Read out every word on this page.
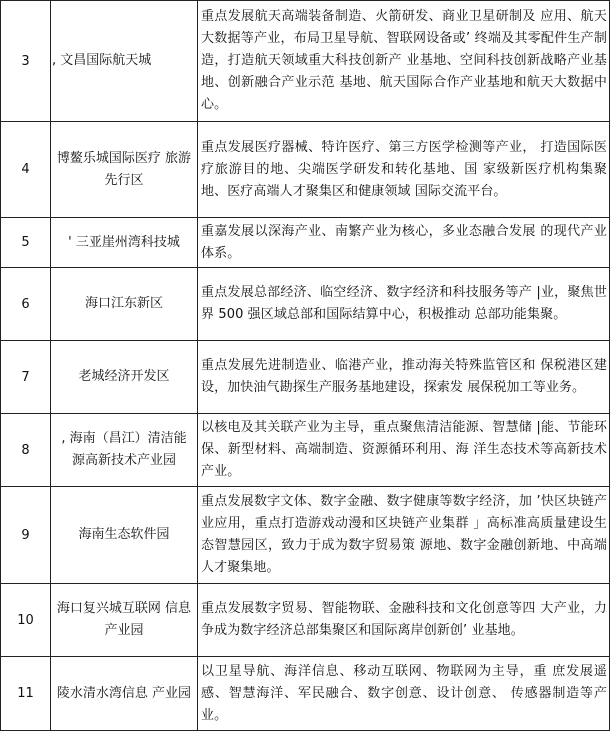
3	, 文昌国际航天城	重点发展航天高端装备制造、火箭研发、商业卫星研制及 应用、航天大数据等产业，布局卫星导航、智联网设备或’ 终端及其零配件生产制造，打造航天领域重大科技创新产 业基地、空间科技创新战略产业基地、创新融合产业示范 基地、航天国际合作产业基地和航天大数据中心。
4	博鳌乐城国际医疗 旅游先行区	重点发展医疗器械、特许医疗、第三方医学检测等产业， 打造国际医疗旅游目的地、尖端医学研发和转化基地、国 家级新医疗机构集聚地、医疗高端人才聚集区和健康领域 国际交流平台。
5	' 三亚崖州湾科技城	重嘉发展以深海产业、南繁产业为核心，多业态融合发展 的现代产业体系。
6	海口江东新区	重点发展总部经济、临空经济、数字经济和科技服务等产 |业，聚焦世界 500 强区域总部和国际结算中心，积极推动 总部功能集聚。
7	老城经济开发区	重点发展先进制造业、临港产业，推动海关特殊监管区和 保税港区建设，加快油气勘探生产服务基地建设，探索发 展保税加工等业务。
8	, 海南（昌江）清洁能源高新技术产业园	以核电及其关联产业为主导，重点聚焦清洁能源、智慧储 |能、节能环保、新型材料、高端制造、资源循环利用、海 洋生态技术等高新技术产业。
9	海南生态软件园	重点发展数字文体、数字金融、数字健康等数字经济，加 ’快区块链产业应用，重点打造游戏动漫和区块链产业集群 」高标准高质量建设生态智慧园区，致力于成为数字贸易策 源地、数字金融创新地、中高端人才聚集地。
10	海口复兴城互联网 信息产业园	重点发展数字贸易、智能物联、金融科技和文化创意等四 大产业，力争成为数字经济总部集聚区和国际离岸创新创’ 业基地。
11	陵水清水湾信息 产业园	以卫星导航、海洋信息、移动互联网、物联网为主导，重 庶发展遥感、智慧海洋、军民融合、数字创意、设计创意、 传感器制造等产业。
